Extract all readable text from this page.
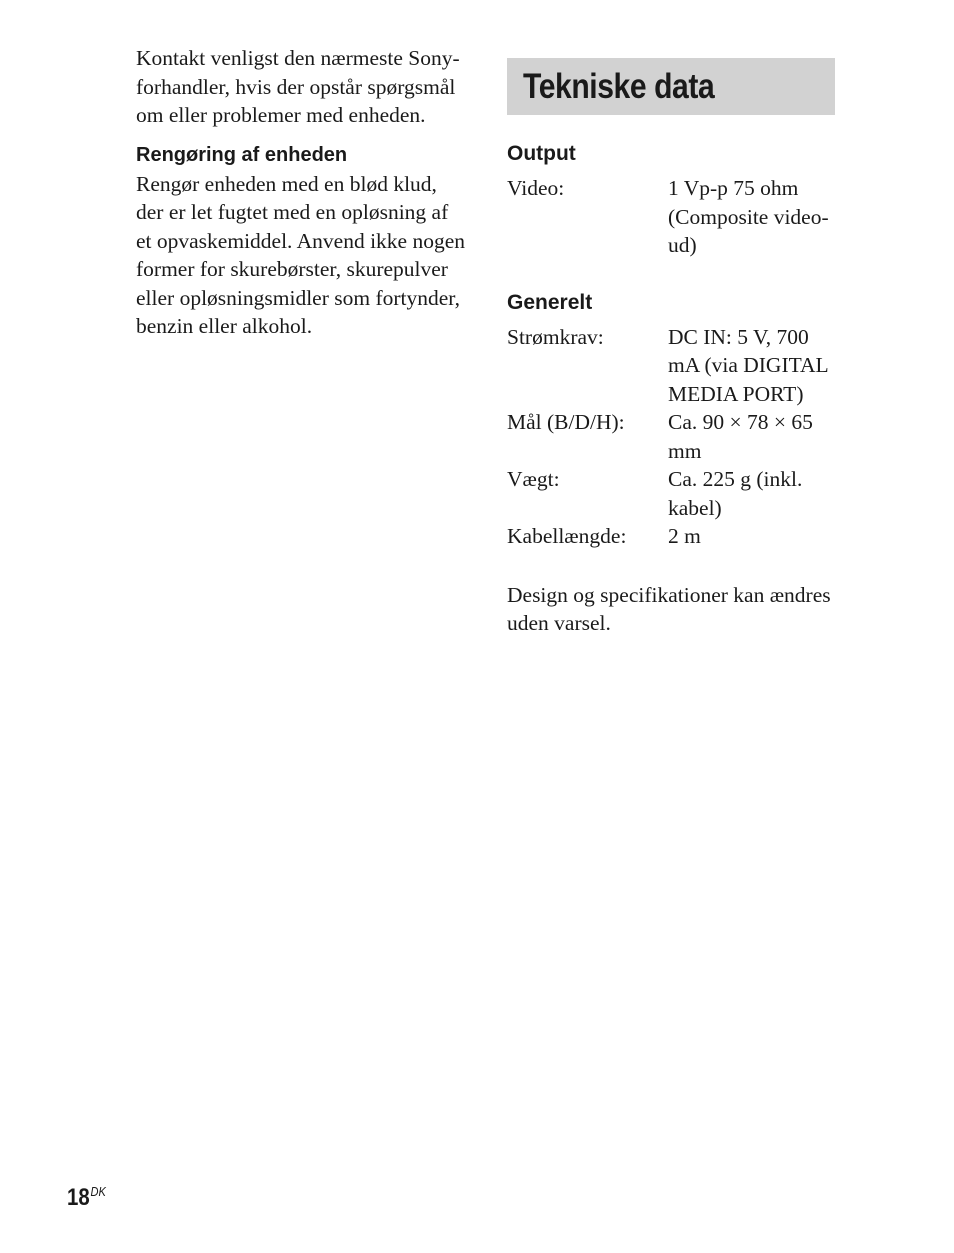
Kontakt venligst den nærmeste Sony-forhandler, hvis der opstår spørgsmål om eller problemer med enheden.

Rengøring af enheden

Rengør enheden med en blød klud, der er let fugtet med en opløsning af et opvaskemiddel. Anvend ikke nogen former for skurebørster, skurepulver eller opløsningsmidler som fortynder, benzin eller alkohol.

Tekniske data
Output
Video:	1 Vp-p 75 ohm (Composite video-ud)
Generelt
Strømkrav:	DC IN: 5 V, 700 mA (via DIGITAL MEDIA PORT)
Mål (B/D/H):	Ca. 90 × 78 × 65 mm
Vægt:	Ca. 225 g (inkl. kabel)
Kabellængde:	2 m

Design og specifikationer kan ændres uden varsel.

$18^{DK}$
